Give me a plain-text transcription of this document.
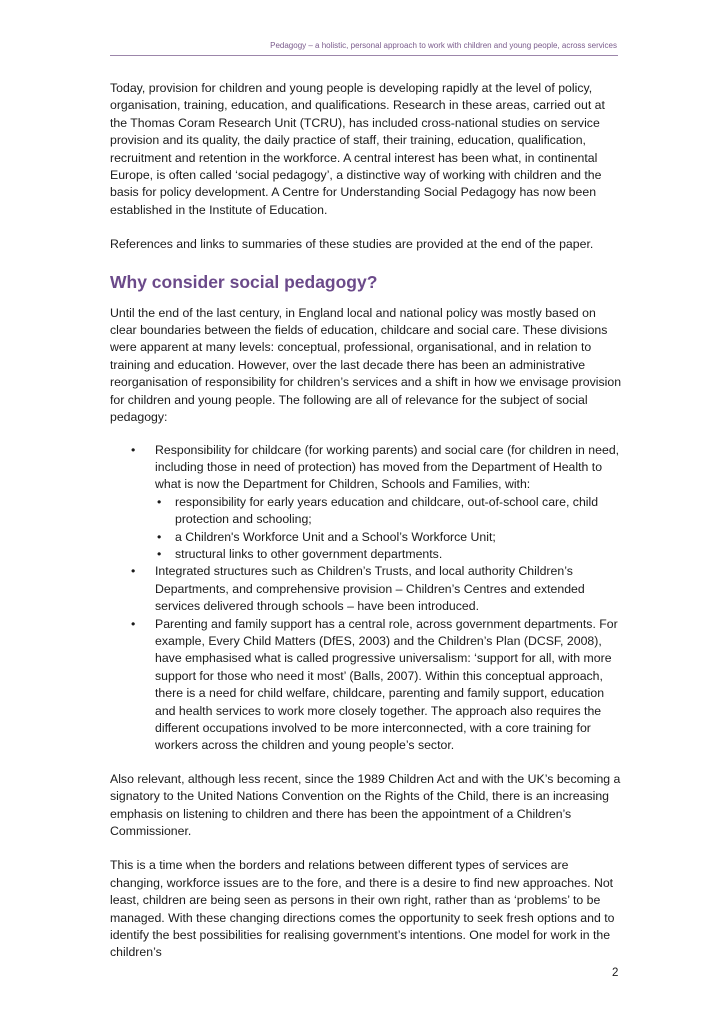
Pedagogy – a holistic, personal approach to work with children and young people, across services

Today, provision for children and young people is developing rapidly at the level of policy, organisation, training, education, and qualifications. Research in these areas, carried out at the Thomas Coram Research Unit (TCRU), has included cross-national studies on service provision and its quality, the daily practice of staff, their training, education, qualification, recruitment and retention in the workforce. A central interest has been what, in continental Europe, is often called ‘social pedagogy’, a distinctive way of working with children and the basis for policy development. A Centre for Understanding Social Pedagogy has now been established in the Institute of Education.

References and links to summaries of these studies are provided at the end of the paper.

Why consider social pedagogy?

Until the end of the last century, in England local and national policy was mostly based on clear boundaries between the fields of education, childcare and social care. These divisions were apparent at many levels: conceptual, professional, organisational, and in relation to training and education. However, over the last decade there has been an administrative reorganisation of responsibility for children’s services and a shift in how we envisage provision for children and young people. The following are all of relevance for the subject of social pedagogy:

• Responsibility for childcare (for working parents) and social care (for children in need, including those in need of protection) has moved from the Department of Health to what is now the Department for Children, Schools and Families, with:
• responsibility for early years education and childcare, out-of-school care, child protection and schooling;
• a Children's Workforce Unit and a School’s Workforce Unit;
• structural links to other government departments.
• Integrated structures such as Children’s Trusts, and local authority Children’s Departments, and comprehensive provision – Children’s Centres and extended services delivered through schools – have been introduced.
• Parenting and family support has a central role, across government departments. For example, Every Child Matters (DfES, 2003) and the Children’s Plan (DCSF, 2008), have emphasised what is called progressive universalism: ‘support for all, with more support for those who need it most’ (Balls, 2007). Within this conceptual approach, there is a need for child welfare, childcare, parenting and family support, education and health services to work more closely together. The approach also requires the different occupations involved to be more interconnected, with a core training for workers across the children and young people’s sector.

Also relevant, although less recent, since the 1989 Children Act and with the UK’s becoming a signatory to the United Nations Convention on the Rights of the Child, there is an increasing emphasis on listening to children and there has been the appointment of a Children’s Commissioner.

This is a time when the borders and relations between different types of services are changing, workforce issues are to the fore, and there is a desire to find new approaches. Not least, children are being seen as persons in their own right, rather than as ‘problems’ to be managed. With these changing directions comes the opportunity to seek fresh options and to identify the best possibilities for realising government’s intentions. One model for work in the children’s

2
